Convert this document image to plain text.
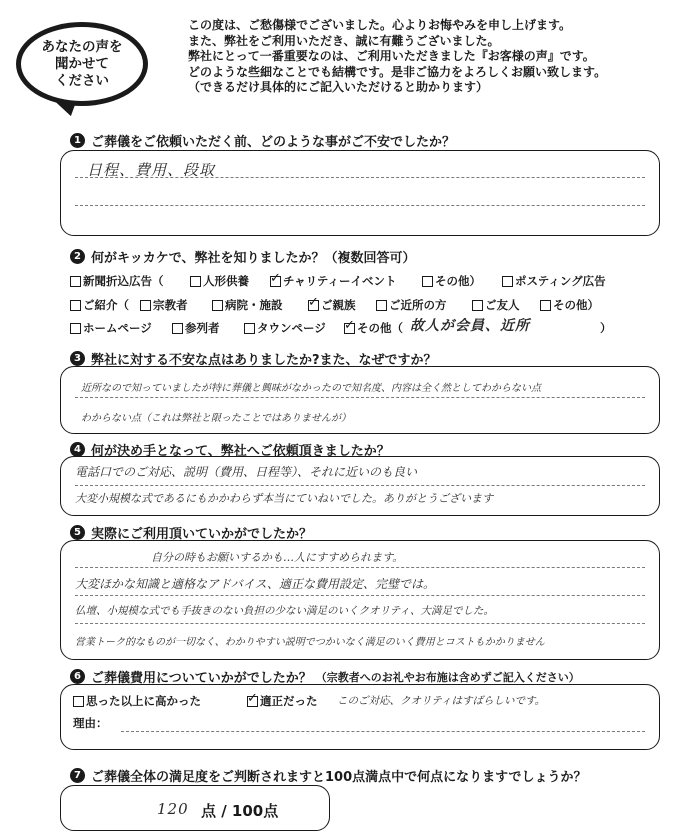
あなたの声を
聞かせて
ください
この度は、ご愁傷様でございました。心よりお悔やみを申し上げます。
また、弊社をご利用いただき、誠に有難うございました。
弊社にとって一番重要なのは、ご利用いただきました『お客様の声』です。
どのような些細なことでも結構です。是非ご協力をよろしくお願い致します。
（できるだけ具体的にご記入いただけると助かります）
1 ご葬儀をご依頼いただく前、どのような事がご不安でしたか？
日程、費用、段取
2 何がキッカケで、弊社を知りましたか？（複数回答可）
新聞折込広告（	人形供養 ✓	チャリティーイベント	その他）	ポスティング広告
ご紹介（ 宗教者	病院・施設 ✓	ご親族	ご近所の方	ご友人	その他）
ホームページ	参列者	タウンページ ✓	その他（ 故人が会員、近所	）
3 弊社に対する不安な点はありましたか?また、なぜですか？
近所なので知っていましたが特に葬儀と興味がなかったので知名度、内容は全く然としてわからない点
わからない点（これは弊社と限ったことではありませんが）
4 何が決め手となって、弊社へご依頼頂きましたか？
電話口でのご対応、説明（費用、日程等）、それに近いのも良い
大変小規模な式であるにもかかわらず本当にていねいでした。ありがとうございます
5 実際にご利用頂いていかがでしたか？
自分の時もお願いするかも…人にすすめられます。
大変ほかな知識と適格なアドバイス、適正な費用設定、完璧では。
仏壇、小規模な式でも手抜きのない負担の少ない満足のいくクオリティ、大満足でした。
営業トーク的なものが一切なく、わかりやすい説明でつかいなく満足のいく費用とコストもかかりません
6 ご葬儀費用についていかがでしたか？ （宗教者へのお礼やお布施は含めずご記入ください）
思った以上に高かった ✓	適正だった
理由：
このご対応、クオリティはすばらしいです。
7 ご葬儀全体の満足度をご判断されますと100点満点中で何点になりますでしょうか？
120 点 / 100点
